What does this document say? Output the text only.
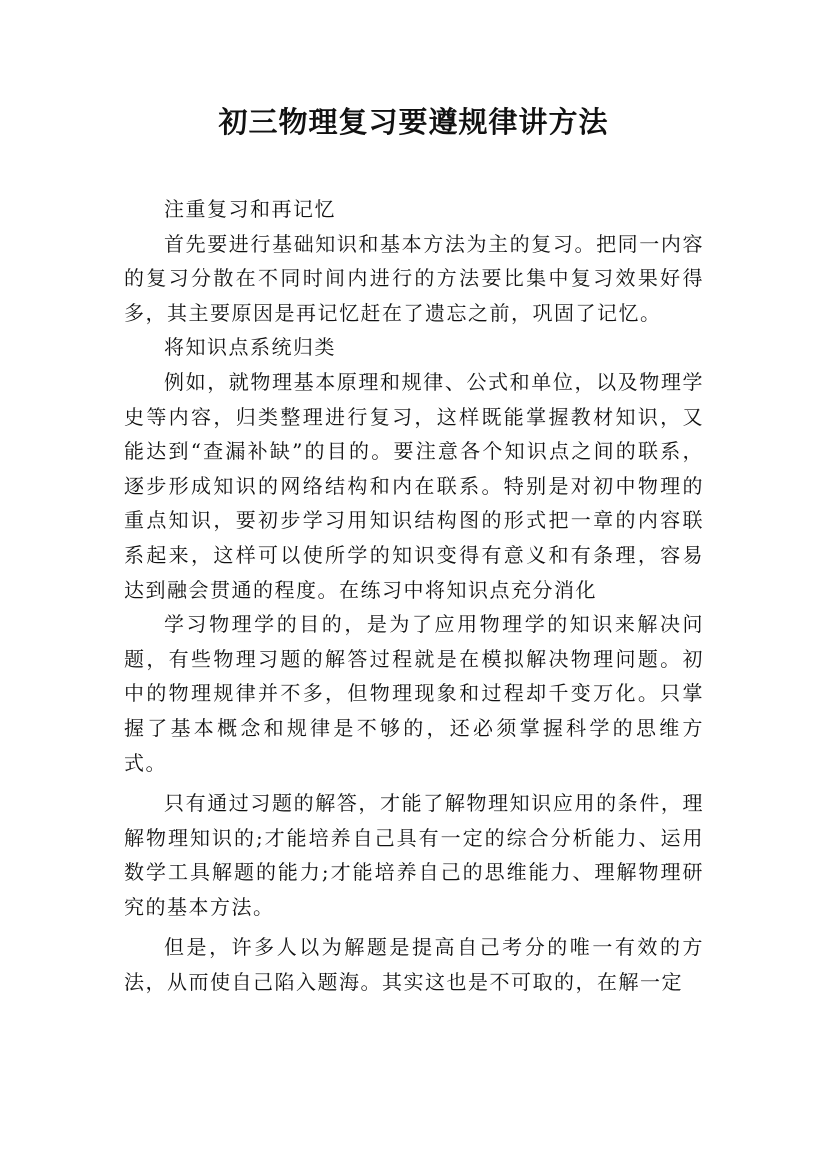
初三物理复习要遵规律讲方法

注重复习和再记忆

首先要进行基础知识和基本方法为主的复习。把同一内容的复习分散在不同时间内进行的方法要比集中复习效果好得多，其主要原因是再记忆赶在了遗忘之前，巩固了记忆。

将知识点系统归类

例如，就物理基本原理和规律、公式和单位，以及物理学史等内容，归类整理进行复习，这样既能掌握教材知识，又能达到“查漏补缺”的目的。要注意各个知识点之间的联系，逐步形成知识的网络结构和内在联系。特别是对初中物理的重点知识，要初步学习用知识结构图的形式把一章的内容联系起来，这样可以使所学的知识变得有意义和有条理，容易达到融会贯通的程度。在练习中将知识点充分消化

学习物理学的目的，是为了应用物理学的知识来解决问题，有些物理习题的解答过程就是在模拟解决物理问题。初中的物理规律并不多，但物理现象和过程却千变万化。只掌握了基本概念和规律是不够的，还必须掌握科学的思维方式。

只有通过习题的解答，才能了解物理知识应用的条件，理解物理知识的;才能培养自己具有一定的综合分析能力、运用数学工具解题的能力;才能培养自己的思维能力、理解物理研究的基本方法。

但是，许多人以为解题是提高自己考分的唯一有效的方法，从而使自己陷入题海。其实这也是不可取的，在解一定
